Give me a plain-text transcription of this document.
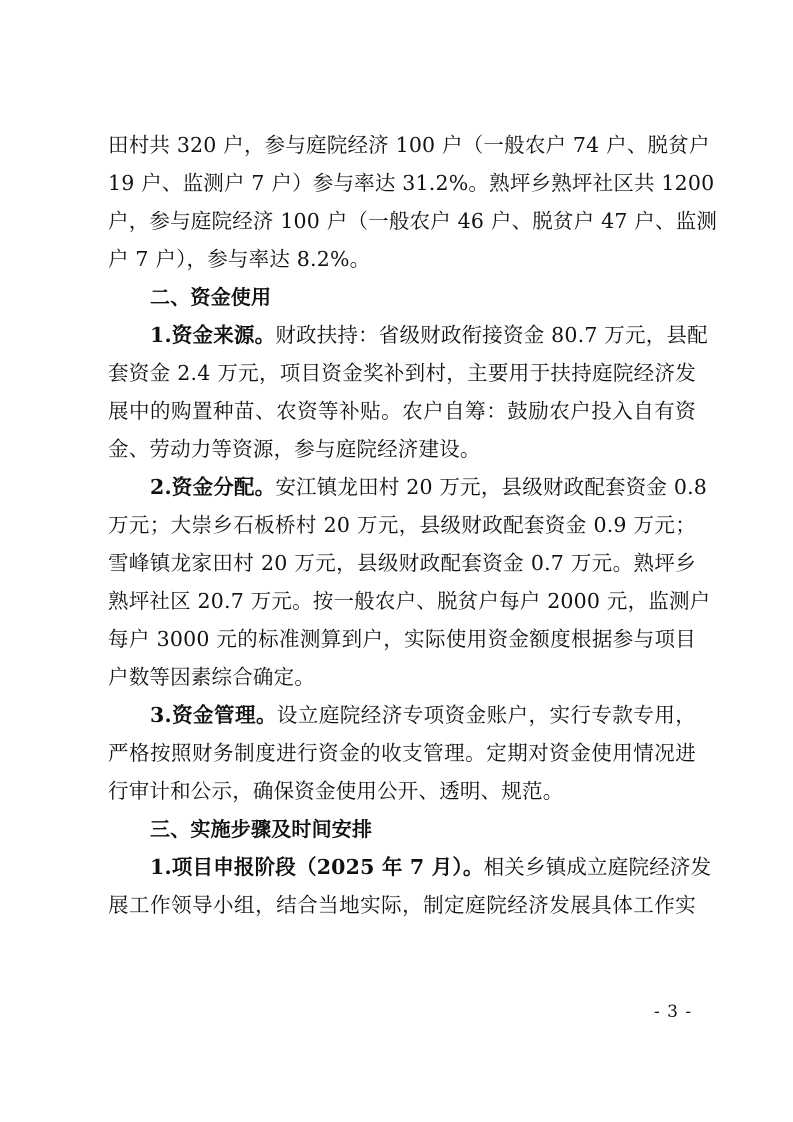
田村共 320 户，参与庭院经济 100 户（一般农户 74 户、脱贫户
19 户、监测户 7 户）参与率达 31.2%。熟坪乡熟坪社区共 1200
户，参与庭院经济 100 户（一般农户 46 户、脱贫户 47 户、监测
户 7 户），参与率达 8.2%。
二、资金使用
1.资金来源。财政扶持：省级财政衔接资金 80.7 万元，县配
套资金 2.4 万元，项目资金奖补到村，主要用于扶持庭院经济发
展中的购置种苗、农资等补贴。农户自筹：鼓励农户投入自有资
金、劳动力等资源，参与庭院经济建设。
2.资金分配。安江镇龙田村 20 万元，县级财政配套资金 0.8
万元；大崇乡石板桥村 20 万元，县级财政配套资金 0.9 万元；
雪峰镇龙家田村 20 万元，县级财政配套资金 0.7 万元。熟坪乡
熟坪社区 20.7 万元。按一般农户、脱贫户每户 2000 元，监测户
每户 3000 元的标准测算到户，实际使用资金额度根据参与项目
户数等因素综合确定。
3.资金管理。设立庭院经济专项资金账户，实行专款专用，
严格按照财务制度进行资金的收支管理。定期对资金使用情况进
行审计和公示，确保资金使用公开、透明、规范。
三、实施步骤及时间安排
1.项目申报阶段（2025 年 7 月）。相关乡镇成立庭院经济发
展工作领导小组，结合当地实际，制定庭院经济发展具体工作实
- 3 -
